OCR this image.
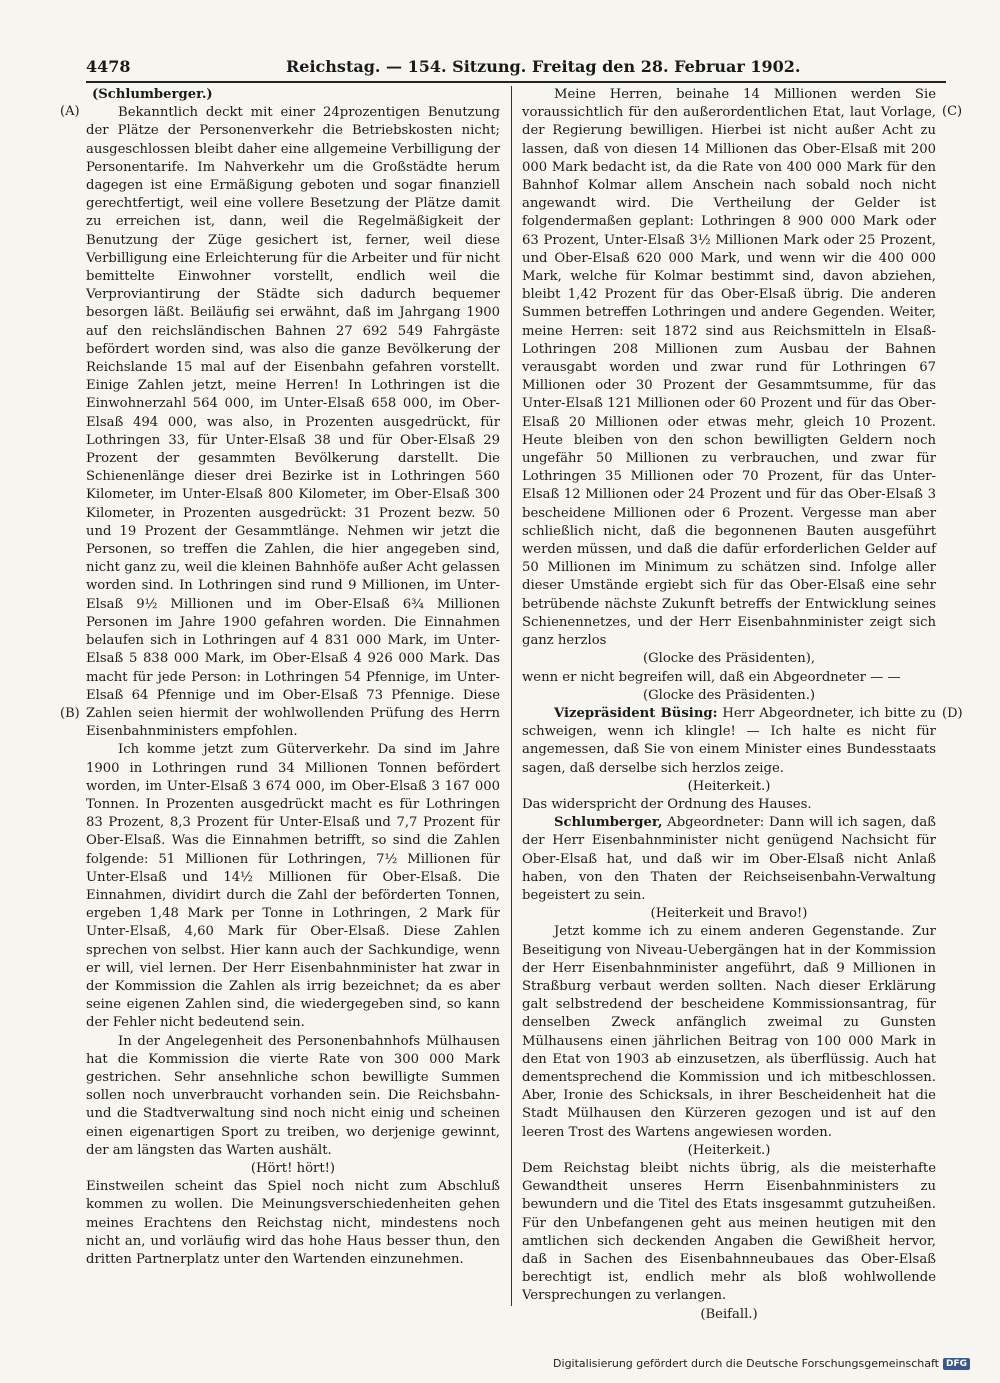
4478	Reichstag. — 154. Sitzung. Freitag den 28. Februar 1902.
(A)
(B)
(C)
(D)

(Schlumberger.)

Bekanntlich deckt mit einer 24prozentigen Benutzung der Plätze der Personenverkehr die Betriebskosten nicht; ausgeschlossen bleibt daher eine allgemeine Verbilligung der Personentarife. Im Nahverkehr um die Großstädte herum dagegen ist eine Ermäßigung geboten und sogar finanziell gerechtfertigt, weil eine vollere Besetzung der Plätze damit zu erreichen ist, dann, weil die Regelmäßigkeit der Benutzung der Züge gesichert ist, ferner, weil diese Verbilligung eine Erleichterung für die Arbeiter und für nicht bemittelte Einwohner vorstellt, endlich weil die Verproviantirung der Städte sich dadurch bequemer besorgen läßt. Beiläufig sei erwähnt, daß im Jahrgang 1900 auf den reichsländischen Bahnen 27 692 549 Fahrgäste befördert worden sind, was also die ganze Bevölkerung der Reichslande 15 mal auf der Eisenbahn gefahren vorstellt. Einige Zahlen jetzt, meine Herren! In Lothringen ist die Einwohnerzahl 564 000, im Unter-Elsaß 658 000, im Ober-Elsaß 494 000, was also, in Prozenten ausgedrückt, für Lothringen 33, für Unter-Elsaß 38 und für Ober-Elsaß 29 Prozent der gesammten Bevölkerung darstellt. Die Schienenlänge dieser drei Bezirke ist in Lothringen 560 Kilometer, im Unter-Elsaß 800 Kilometer, im Ober-Elsaß 300 Kilometer, in Prozenten ausgedrückt: 31 Prozent bezw. 50 und 19 Prozent der Gesammtlänge. Nehmen wir jetzt die Personen, so treffen die Zahlen, die hier angegeben sind, nicht ganz zu, weil die kleinen Bahnhöfe außer Acht gelassen worden sind. In Lothringen sind rund 9 Millionen, im Unter-Elsaß 9½ Millionen und im Ober-Elsaß 6¾ Millionen Personen im Jahre 1900 gefahren worden. Die Einnahmen belaufen sich in Lothringen auf 4 831 000 Mark, im Unter-Elsaß 5 838 000 Mark, im Ober-Elsaß 4 926 000 Mark. Das macht für jede Person: in Lothringen 54 Pfennige, im Unter-Elsaß 64 Pfennige und im Ober-Elsaß 73 Pfennige. Diese Zahlen seien hiermit der wohlwollenden Prüfung des Herrn Eisenbahnministers empfohlen.

Ich komme jetzt zum Güterverkehr. Da sind im Jahre 1900 in Lothringen rund 34 Millionen Tonnen befördert worden, im Unter-Elsaß 3 674 000, im Ober-Elsaß 3 167 000 Tonnen. In Prozenten ausgedrückt macht es für Lothringen 83 Prozent, 8,3 Prozent für Unter-Elsaß und 7,7 Prozent für Ober-Elsaß. Was die Einnahmen betrifft, so sind die Zahlen folgende: 51 Millionen für Lothringen, 7½ Millionen für Unter-Elsaß und 14½ Millionen für Ober-Elsaß. Die Einnahmen, dividirt durch die Zahl der beförderten Tonnen, ergeben 1,48 Mark per Tonne in Lothringen, 2 Mark für Unter-Elsaß, 4,60 Mark für Ober-Elsaß. Diese Zahlen sprechen von selbst. Hier kann auch der Sachkundige, wenn er will, viel lernen. Der Herr Eisenbahnminister hat zwar in der Kommission die Zahlen als irrig bezeichnet; da es aber seine eigenen Zahlen sind, die wiedergegeben sind, so kann der Fehler nicht bedeutend sein.

In der Angelegenheit des Personenbahnhofs Mülhausen hat die Kommission die vierte Rate von 300 000 Mark gestrichen. Sehr ansehnliche schon bewilligte Summen sollen noch unverbraucht vorhanden sein. Die Reichsbahn- und die Stadtverwaltung sind noch nicht einig und scheinen einen eigenartigen Sport zu treiben, wo derjenige gewinnt, der am längsten das Warten aushält.

(Hört! hört!)

Einstweilen scheint das Spiel noch nicht zum Abschluß kommen zu wollen. Die Meinungsverschiedenheiten gehen meines Erachtens den Reichstag nicht, mindestens noch nicht an, und vorläufig wird das hohe Haus besser thun, den dritten Partnerplatz unter den Wartenden einzunehmen.

Meine Herren, beinahe 14 Millionen werden Sie voraussichtlich für den außerordentlichen Etat, laut Vorlage, der Regierung bewilligen. Hierbei ist nicht außer Acht zu lassen, daß von diesen 14 Millionen das Ober-Elsaß mit 200 000 Mark bedacht ist, da die Rate von 400 000 Mark für den Bahnhof Kolmar allem Anschein nach sobald noch nicht angewandt wird. Die Vertheilung der Gelder ist folgendermaßen geplant: Lothringen 8 900 000 Mark oder 63 Prozent, Unter-Elsaß 3½ Millionen Mark oder 25 Prozent, und Ober-Elsaß 620 000 Mark, und wenn wir die 400 000 Mark, welche für Kolmar bestimmt sind, davon abziehen, bleibt 1,42 Prozent für das Ober-Elsaß übrig. Die anderen Summen betreffen Lothringen und andere Gegenden. Weiter, meine Herren: seit 1872 sind aus Reichsmitteln in Elsaß-Lothringen 208 Millionen zum Ausbau der Bahnen verausgabt worden und zwar rund für Lothringen 67 Millionen oder 30 Prozent der Gesammtsumme, für das Unter-Elsaß 121 Millionen oder 60 Prozent und für das Ober-Elsaß 20 Millionen oder etwas mehr, gleich 10 Prozent. Heute bleiben von den schon bewilligten Geldern noch ungefähr 50 Millionen zu verbrauchen, und zwar für Lothringen 35 Millionen oder 70 Prozent, für das Unter-Elsaß 12 Millionen oder 24 Prozent und für das Ober-Elsaß 3 bescheidene Millionen oder 6 Prozent. Vergesse man aber schließlich nicht, daß die begonnenen Bauten ausgeführt werden müssen, und daß die dafür erforderlichen Gelder auf 50 Millionen im Minimum zu schätzen sind. Infolge aller dieser Umstände ergiebt sich für das Ober-Elsaß eine sehr betrübende nächste Zukunft betreffs der Entwicklung seines Schienennetzes, und der Herr Eisenbahnminister zeigt sich ganz herzlos

(Glocke des Präsidenten),

wenn er nicht begreifen will, daß ein Abgeordneter — —

(Glocke des Präsidenten.)

Vizepräsident Büsing: Herr Abgeordneter, ich bitte zu schweigen, wenn ich klingle! — Ich halte es nicht für angemessen, daß Sie von einem Minister eines Bundesstaats sagen, daß derselbe sich herzlos zeige.

(Heiterkeit.)

Das widerspricht der Ordnung des Hauses.

Schlumberger, Abgeordneter: Dann will ich sagen, daß der Herr Eisenbahnminister nicht genügend Nachsicht für Ober-Elsaß hat, und daß wir im Ober-Elsaß nicht Anlaß haben, von den Thaten der Reichseisenbahn-Verwaltung begeistert zu sein.

(Heiterkeit und Bravo!)

Jetzt komme ich zu einem anderen Gegenstande. Zur Beseitigung von Niveau-Uebergängen hat in der Kommission der Herr Eisenbahnminister angeführt, daß 9 Millionen in Straßburg verbaut werden sollten. Nach dieser Erklärung galt selbstredend der bescheidene Kommissionsantrag, für denselben Zweck anfänglich zweimal zu Gunsten Mülhausens einen jährlichen Beitrag von 100 000 Mark in den Etat von 1903 ab einzusetzen, als überflüssig. Auch hat dementsprechend die Kommission und ich mitbeschlossen. Aber, Ironie des Schicksals, in ihrer Bescheidenheit hat die Stadt Mülhausen den Kürzeren gezogen und ist auf den leeren Trost des Wartens angewiesen worden.

(Heiterkeit.)

Dem Reichstag bleibt nichts übrig, als die meisterhafte Gewandtheit unseres Herrn Eisenbahnministers zu bewundern und die Titel des Etats insgesammt gutzuheißen. Für den Unbefangenen geht aus meinen heutigen mit den amtlichen sich deckenden Angaben die Gewißheit hervor, daß in Sachen des Eisenbahnneubaues das Ober-Elsaß berechtigt ist, endlich mehr als bloß wohlwollende Versprechungen zu verlangen.

(Beifall.)

Digitalisierung gefördert durch die Deutsche Forschungsgemeinschaft DFG
